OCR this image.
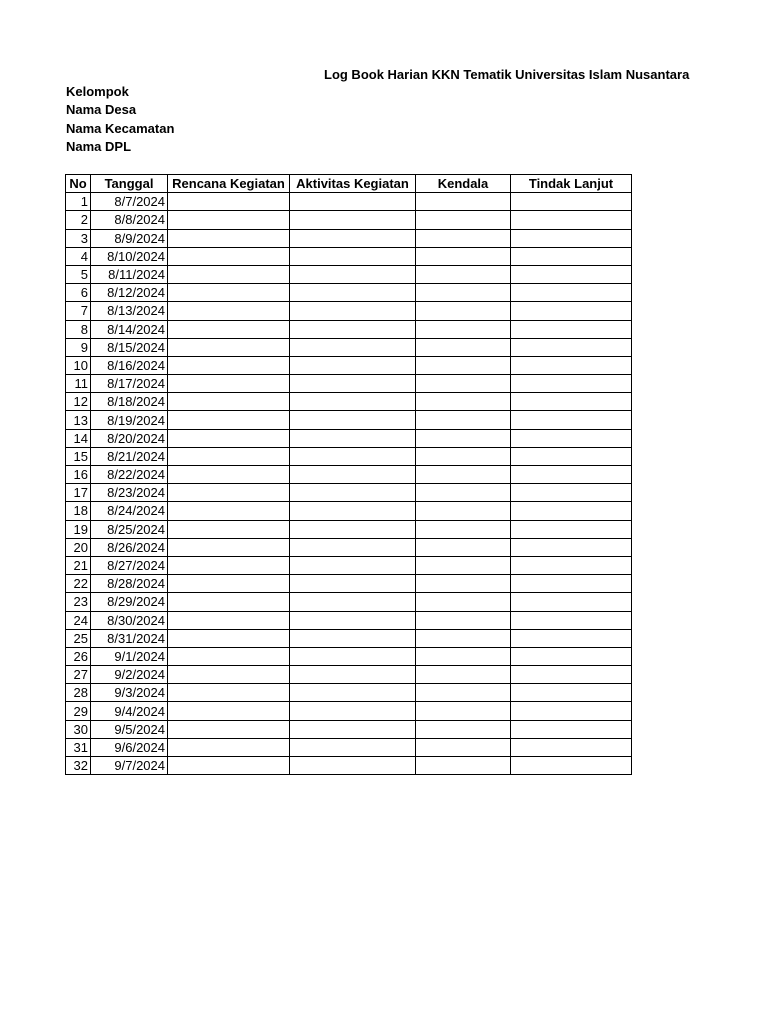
Log Book Harian KKN Tematik Universitas Islam Nusantara
Kelompok
Nama Desa
Nama Kecamatan
Nama DPL
No	Tanggal	Rencana Kegiatan	Aktivitas Kegiatan	Kendala	Tindak Lanjut
1	8/7/2024				
2	8/8/2024				
3	8/9/2024				
4	8/10/2024				
5	8/11/2024				
6	8/12/2024				
7	8/13/2024				
8	8/14/2024				
9	8/15/2024				
10	8/16/2024				
11	8/17/2024				
12	8/18/2024				
13	8/19/2024				
14	8/20/2024				
15	8/21/2024				
16	8/22/2024				
17	8/23/2024				
18	8/24/2024				
19	8/25/2024				
20	8/26/2024				
21	8/27/2024				
22	8/28/2024				
23	8/29/2024				
24	8/30/2024				
25	8/31/2024				
26	9/1/2024				
27	9/2/2024				
28	9/3/2024				
29	9/4/2024				
30	9/5/2024				
31	9/6/2024				
32	9/7/2024				
